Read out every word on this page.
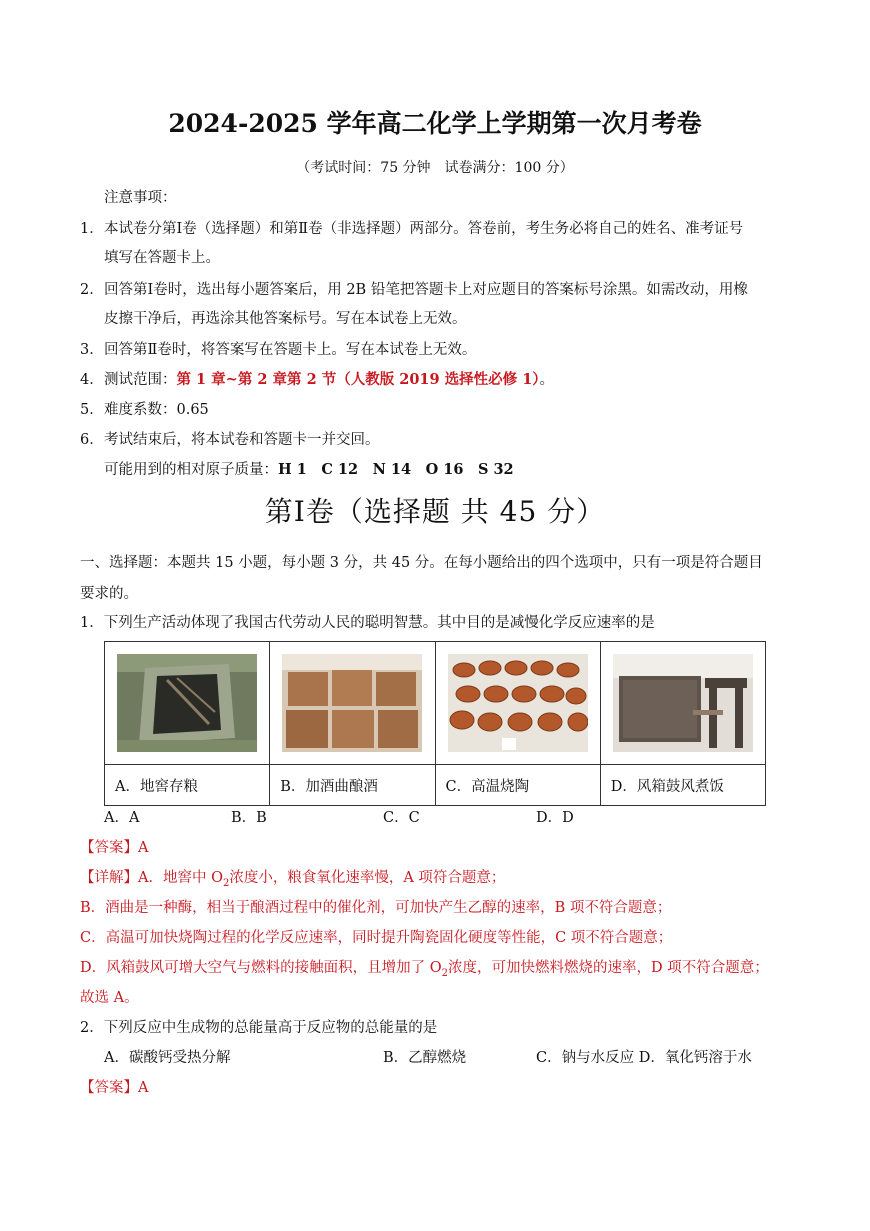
2024-2025 学年高二化学上学期第一次月考卷
（考试时间：75 分钟　试卷满分：100 分）
注意事项：
1． 本试卷分第Ⅰ卷（选择题）和第Ⅱ卷（非选择题）两部分。答卷前，考生务必将自己的姓名、准考证号
填写在答题卡上。
2． 回答第Ⅰ卷时，选出每小题答案后，用 2B 铅笔把答题卡上对应题目的答案标号涂黑。如需改动，用橡
皮擦干净后，再选涂其他答案标号。写在本试卷上无效。
3． 回答第Ⅱ卷时，将答案写在答题卡上。写在本试卷上无效。
4． 测试范围：第 1 章~第 2 章第 2 节（人教版 2019 选择性必修 1）。
5． 难度系数：0.65
6． 考试结束后，将本试卷和答题卡一并交回。
可能用到的相对原子质量：H 1　C 12　N 14　O 16　S 32
第Ⅰ卷（选择题 共 45 分）
一、选择题：本题共 15 小题，每小题 3 分，共 45 分。在每小题给出的四个选项中，只有一项是符合题目
要求的。
1．下列生产活动体现了我国古代劳动人民的聪明智慧。其中目的是减慢化学反应速率的是

A．地窖存粮	B．加酒曲酿酒	C．高温烧陶	D．风箱鼓风煮饭
A．A	B．B	C．C	D．D
【答案】A
【详解】A．地窖中 $O_2$浓度小，粮食氧化速率慢，A 项符合题意；
B．酒曲是一种酶，相当于酿酒过程中的催化剂，可加快产生乙醇的速率，B 项不符合题意；
C．高温可加快烧陶过程的化学反应速率，同时提升陶瓷固化硬度等性能，C 项不符合题意；
D．风箱鼓风可增大空气与燃料的接触面积，且增加了 $O_2$浓度，可加快燃料燃烧的速率，D 项不符合题意；
故选 A。
2．下列反应中生成物的总能量高于反应物的总能量的是
A．碳酸钙受热分解	B．乙醇燃烧	C．钠与水反应 D．氧化钙溶于水
【答案】A
